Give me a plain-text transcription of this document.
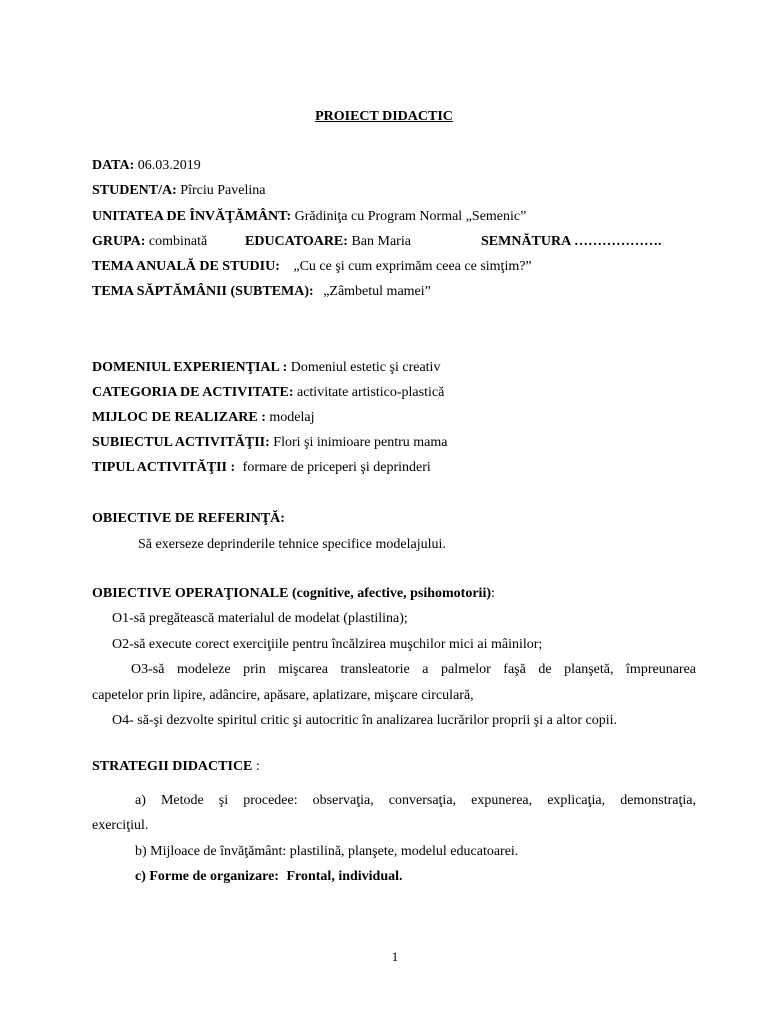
PROIECT DIDACTIC
DATA: 06.03.2019
STUDENT/A: Pîrciu Pavelina
UNITATEA DE ÎNVĂŢĂMÂNT: Grădiniţa cu Program Normal „Semenic”
GRUPA: combinată	EDUCATOARE: Ban Maria	SEMNĂTURA ……………….
TEMA ANUALĂ DE STUDIU: „Cu ce şi cum exprimăm ceea ce simţim?”
TEMA SĂPTĂMÂNII (SUBTEMA): „Zâmbetul mamei”
DOMENIUL EXPERIENŢIAL : Domeniul estetic şi creativ
CATEGORIA DE ACTIVITATE: activitate artistico-plastică
MIJLOC DE REALIZARE : modelaj
SUBIECTUL ACTIVITĂŢII: Flori şi inimioare pentru mama
TIPUL ACTIVITĂŢII : formare de priceperi şi deprinderi
OBIECTIVE DE REFERINŢĂ:
Să exerseze deprinderile tehnice specifice modelajului.
OBIECTIVE OPERAŢIONALE (cognitive, afective, psihomotorii):
O1-să pregătească materialul de modelat (plastilina);
O2-să execute corect exerciţiile pentru încălzirea muşchilor mici ai mâinilor;
O3-să modeleze prin mişcarea transleatorie a palmelor faşă de planşetă, împreunarea
capetelor prin lipire, adâncire, apăsare, aplatizare, mişcare circulară,
O4- să-şi dezvolte spiritul critic şi autocritic în analizarea lucrărilor proprii şi a altor copii.
STRATEGII DIDACTICE :
a) Metode şi procedee: observaţia, conversaţia, expunerea, explicaţia, demonstraţia,
exerciţiul.
b) Mijloace de învăţământ: plastilină, planşete, modelul educatoarei.
c) Forme de organizare: Frontal, individual.
1
